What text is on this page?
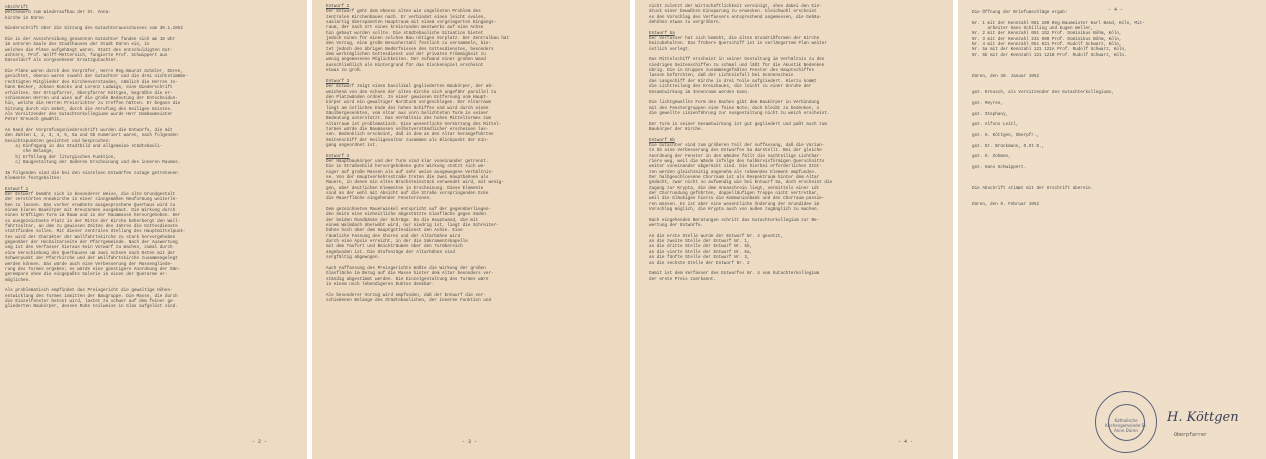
Abschrift
Wettbewerb zum Wiederaufbau der St. Anna-
kirche in Düren
Niederschrift über die Sitzung des Gutachterausschusses vom 30.1.1952
Die in der Ausschreibung genannten Gutachter fanden sich am 10 Uhr
im unteren Saale des Stadthauses der Stadt Düren ein, in
welchen die Pläne aufgehängt waren. Statt des entschuldigten Gut-
achters, Prof. Wolff-Metternich, fungierte Prof. Schwippert aus
Düsseldorf als vorgesehener Ersatzgutachter.
Die Pläne waren durch den Vorprüfer, Herrn Reg.Baurat Schüler, Düren,
gesichtet, ebenso waren sowohl der Gutachter und die drei nichtstimmbe-
rechtigten Mitglieder des Kirchenvorstandes, nämlich die Herren Jo-
hann Becker, Johann Koncks und Lorenz Ludwigs, eine Niederschrift
erhielten. Der Ortspfarrer, Oberpfarrer Köttgen, begrüßte die er-
schienenen Herren und wies auf die große Bedeutung der Entscheidun-
hin, welche die Herren Preisrichter zu treffen hätten. Er begann die
Sitzung durch ein Gebet, durch die Anrufung des Heiligen Geistes.
Als Vorsitzender des Gutachterkollegiums wurde Herr Dombaumeister
Peter Kreusch gewählt.
An Hand der Vorprüfungsniederschrift wurden die Entwürfe, die mit
den Zahlen 1, 2, 3, 4, 5, 5a und 5b numeriert waren, nach folgenden
Gesichtspunkten gesichtet und besprochen:
a) Einfügung in das Stadtbild und allgemeine städtebauli-
che Belange,
b) Erfüllung der liturgischen Funktion,
c) Baugestaltung der äußeren Erscheinung und des inneren Raumes.
Im folgenden sind die bei den einzelnen Entwürfen zutage getretenen
Elemente festgehalten:
Entwurf 1
Der Entwurf bemüht sich in besonderer Weise, die alte Grundgestalt
der zerstörten Annakirche in einer sinngemäßen Neuformung weiterle-
ben zu lassen. Das vorher erwähnte ausgesprochene Querhaus wird zu
einem klaren Baukörper mit Kreuzarmen ausgebaut. Die Wirkung durch
einen kräftigen Turm im Raum und in der Raummasse hervorgehoben. Der
so ausgezeichnete Platz in der Mitte der Kirche beherbergt den Wall-
fahrtsaltar, an dem zu gewissen Zeiten des Jahres die Gottesdienste
stattfinden sollen. Mit dieser zentralen Stellung des Hauptmittelpunk-
tes wird der Charakter der Wallfahrtskirche zu stark hervorgehoben
gegenüber der Hochaltarseite der Pfarrgemeinde. Nach der Auswertung
ung ist den Verfasser hieraus kein Vorwurf zu machen, zumal durch
eine Verschiebung des Querhauses um zwei Achsen nach Osten mit der
Schwerpunkt der Pfarrkirche und der Wallfahrtskirche zusammengelegt
werden können. Das würde auch eine Verbesserung der Massengliede-
rung des Turmes ergeben; es würde eine günstigere Anordnung der Sän-
gerempore ohne die eingepaßte Galerie in einen der Querarme er-
möglichen.
Als problematisch empfindet das Preisgericht die gewaltige Höhen-
entwicklung des Turmes inmitten der Baugruppe. Die Masse, die durch
die Einzelfenster betont wird, lastet zu schwer auf dem feiner ge-
gliederten Baukörper, dessen Ruhe teilweise in Glas aufgelöst sind.
- 2 -
Entwurf 2
Der Entwurf geht dem ebenso alten wie ungelösten Problem des
zentralen Kirchenbaues nach. Er verbindet einen leicht ovalen,
saalartig überspannten Hauptraum mit einem vorgelagerten Eingangs-
raum, der nach Art eines kreisrunden Westwerks auf eine Achse
hin gebaut worden sollte. Die städtebauliche Situation bietet
jedoch einen für einen solchen Bau nötigen Vorplatz. Der Zentralbau hat
den Vorzug, eine große Besucherzahl festlich zu versammeln, bie-
tet jedoch den übrigen Bedürfnissen des Gottesdienstes, besonders
dem werktäglichen Gottesdienst und der privaten Frömmigkeit zu
wenig angemessene Möglichkeiten. Der Aufwand einer großen Wand
ausschließlich als Hintergrund für das Glockenspiel erscheint
etwas zu groß.
Entwurf 3
Der Entwurf zeigt einen basilikal gegliederten Baukörper, der ab-
weichend von den Achsen der alten Kirche sich ungefähr parallel zu
den Platzwänden ordnet. In einer gewissen Entfernung vom Haupt-
körper wird ein gewaltiger Nordturm vorgeschlagen. Der Altarraum
liegt am östlichen Ende des hohen Schiffes und wird durch einen
Säulbergesenkten, vom Altar aus vorn belichteten Turm in seiner
Bedeutung unterstützt. Das Verhältnis des hohen Mittelturmes zum
Altarraum ist problematisch. Eine wesentliche Verkürzung des Mittel-
turmes würde die Baumassen selbstverständlicher erscheinen las-
sen. Bedenklich erscheint, daß in dem an den Altar herangeführten
Seitenschiff der Heiligenaltar zusammen als Blickpunkt der Ein-
gang angeordnet ist.
Entwurf 4
Der Hauptbaukörper und der Turm sind klar voneinander getrennt.
Die in Straßenbild hervorgehobene gute Wirkung stützt sich we-
niger auf große Massen als auf sehr weise ausgewogene Verhältnis-
se. Von der Hauptverkehrsstraße treten die zwei Hauptbahnen als
Mauern, in denen ein altes Bruchsteinstück verwendet wird, mit wenig-
gen, aber deutlichen Elementen in Erscheinung. Diese Elemente
sind an der wohl mit Absicht auf die Straße vorspringenden Ecke
die Mauerfläche eingehender Fensterzonen.
Dem gezeichneten Mauerwinkel entspricht auf der gegenüberliegen-
den Seite eine einheitliche abgestützte Glasfläche gegen Süden
der beiden Rundbänke der Schräge. Da die Hauptwand, die mit
einem Walmdach überwöbt wird, nur niedrig ist, liegt die Schreiter-
bühne hoch über dem Hauptgottesdienst den Achse. Eine
räumliche Fassung des Chores und der Altarbühne wird
durch eine Apsis erreicht, in der die Sakramentskapelle
mit dem Taufort und Beichträumen über den Turmbereich
angebunden ist. Die Stufenzüge der Altarbühne sind
sorgfältig abgewogen.
Auch Auffassung des Preisgerichts müßte die Wirkung der großen
Glasfläche im Bezug auf die Masse hinter dem Altar besonders ver-
ständig abgestimmt werden. Die Einzelgestaltung des Turmes wäre
in einem noch lebendigeren Duktus denkbar.
Als besonderer Vorzug wird empfunden, daß der Entwurf die ver-
schiedenen Belange des Städtebaulichen, der inneren Funktion und
- 3 -
nicht zuletzt der Wirtschaftlichkeit vereinigt, ohne dabei den Ein-
druck einer bewußten Einsparung zu erwecken. Gleichwohl erscheint
es den Vorschlag des Verfassers entsprechend angemessen, die Gebäu-
dehöhen etwas zu vergrößern.
Entwurf 5a
Der Verfasser hat sich bemüht, die alten Grundrißformen der Kirche
beizubehalten. Das frühere Querschiff ist in verlängertem Plan weiter
östlich verlegt.
Das Mittelschiff erscheint in seiner Gestaltung im Verhältnis zu den
niedrigen Seitenschiffen zu schmal und läßt für die Akustik Bedenken
übrig. Die in Gruppen zusammengefaßten Fenster des Hauptschiffes
lassen befürchten, daß der Lichteinfall bei Sonnenschein
das Langschiff der Kirche in drei Teile aufgliedert. Hierzu kommt
die Lichtteilung des Kreuzbaues, die leicht zu einer Unruhe der
Gesamtwirkung im Innenraum werden kann.
Die lichtgewellte Form des Daches gibt dem Baukörper in Verbindung
mit den Fenstergruppen eine feine Note; doch bleibt zu bedenken, o
die gewellte Linienführung zur Ausgestaltung nicht zu weich erscheint.
Der Turm in seiner Gesamtwirkung ist gut gegliedert und paßt auch zum
Baukörper der Kirche.
Entwurf 5b
Die Gutachter sind zum größeren Teil der Auffassung, daß die Varian-
te 5b eine Verbesserung des Entwurfes 5a darstellt. Bei der gleiche
Anordnung der Fenster in den Wänden fällt die nachteilige Lichtbar-
riere weg, weil die Wände infolge des halbkreisförmigen Querschnitts
weiter voneinander abgerückt sind. Die hierbei erforderlichen Stüt-
zen werden gleichzeitig angenehm als rahmendes Element empfunden.
Der halbgeschlossene Chorraum ist als Respektraum hinter dem Altar
gedacht, zwar nicht so aufwendig wie bei Entwurf 5a, doch erscheint die
Zugang zur Krypta, die dem Annaschrein liegt, vermittels einer Ldt
der Chorrundung geführten, doppelläufigen Treppe nicht vertretbar,
weil die Gläubigen hierzu die Kommunionbank und den Chorraum passie-
ren müssen. Es ist aber eine wesentliche Änderung der Grundidee im
Vorschlag möglich, die Krypta auch von außen zugänglich zu machen.
Nach eingehenden Beratungen schritt das Gutachterkollegium zur Be-
wertung der Entwürfe.
An die erste Stelle wurde der Entwurf Nr. 4 gesetzt,
an die zweite Stelle der Entwurf Nr. 1,
an die dritte Stelle der Entwurf Nr. 5b,
an die vierte Stelle der Entwurf Nr. 5a,
an die fünfte Stelle der Entwurf Nr. 3,
an die sechste Stelle der Entwurf Nr. 2
Damit ist dem Verfasser des Entwurfes Nr. 4 vom Gutachterkollegium
der erste Preis zuerkannt.
- 4 -
- 4 -
Die Öffnung der Briefumschläge ergab:
Nr. 1 mit der Kennzahl 081 100 Reg.Baumeister Karl Band, Köln, Mit-
arbeiter Hans Schilling und Eugen Weller,
Nr. 2 mit der Kennzahl 091 152 Prof. Dominikus Böhm, Köln,
Nr. 3 mit der Kennzahl 231 080 Prof. Dominikus Böhm, Köln,
Nr. 4 mit der Kennzahl 051 021 Prof. Rudolf Schwarz, Köln,
Nr. 5a mit der Kennzahl 121 121A Prof. Rudolf Schwarz, Köln,
Nr. 5b mit der Kennzahl 121 121B Prof. Rudolf Schwarz, Köln.
Düren, den 30. Januar 1952
gez. Kreusch, als Vorsitzender des Gutachterkollegiums,
gez. Meyres,
gez. Stephany,
gez. Alfons Leitl,
gez. H. Köttgen, Oberpfr.,
gez. Dr. Brückmann, O.St.D.,
gez. H. Zohmen,
gez. Hans Schwippert.
Die Abschrift stimmt mit der Urschrift überein.
Düren, den 9. Februar 1952
Katholische Kirchengemeinde St. Anne Düren
H. Köttgen
Oberpfarrer
